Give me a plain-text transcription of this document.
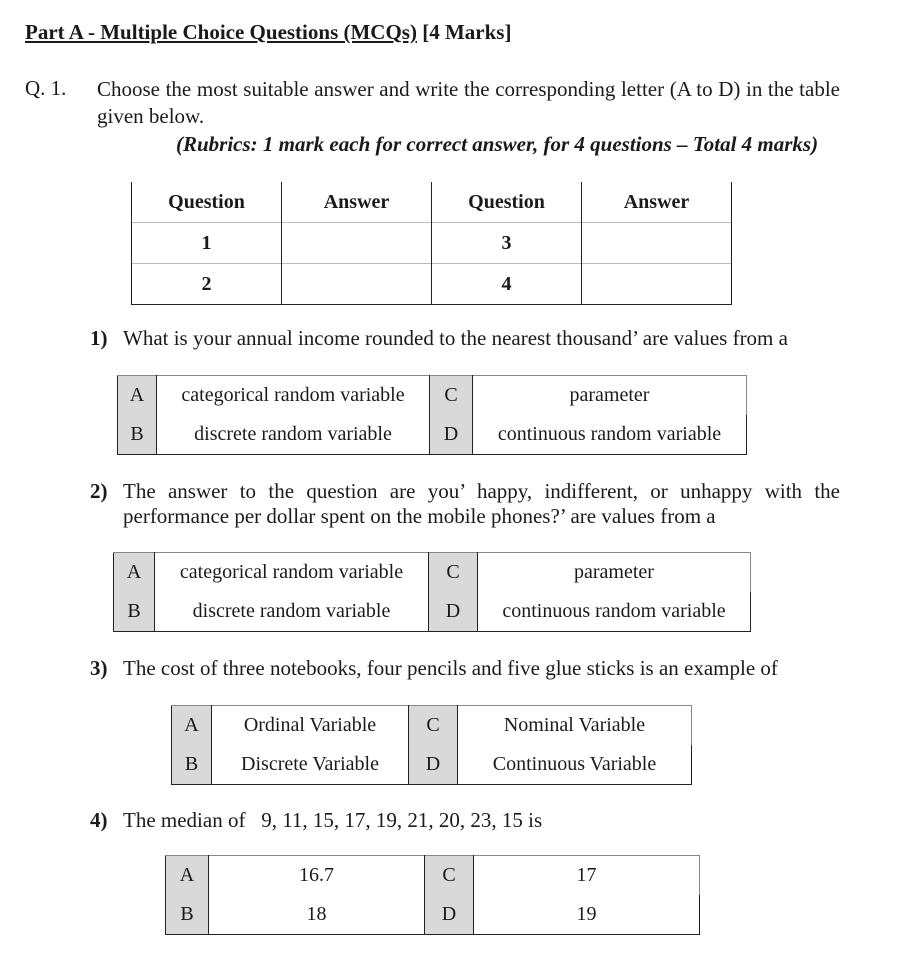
Part A - Multiple Choice Questions (MCQs) [4 Marks]
Q. 1. Choose the most suitable answer and write the corresponding letter (A to D) in the table given below.
(Rubrics: 1 mark each for correct answer, for 4 questions – Total 4 marks)
Question	Answer	Question	Answer
1		3	
2		4	
1) What is your annual income rounded to the nearest thousand’ are values from a
A	categorical random variable	C	parameter
B	discrete random variable	D	continuous random variable
2) The answer to the question are you’ happy, indifferent, or unhappy with the performance per dollar spent on the mobile phones?’ are values from a
A	categorical random variable	C	parameter
B	discrete random variable	D	continuous random variable
3) The cost of three notebooks, four pencils and five glue sticks is an example of
A	Ordinal Variable	C	Nominal Variable
B	Discrete Variable	D	Continuous Variable
4) The median of   9, 11, 15, 17, 19, 21, 20, 23, 15 is
A	16.7	C	17
B	18	D	19
